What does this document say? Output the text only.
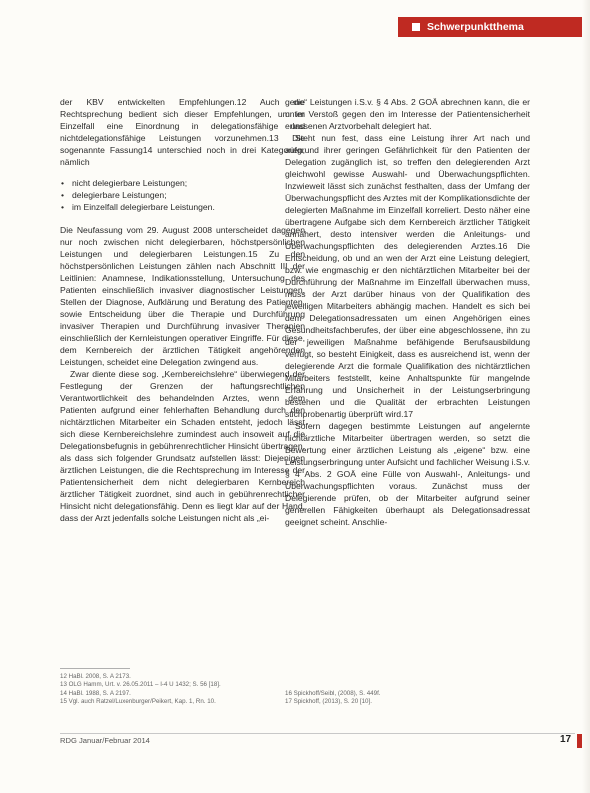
Schwerpunktthema

der KBV entwickelten Empfehlungen.12 Auch die Rechtsprechung bedient sich dieser Empfehlungen, um im Einzelfall eine Einordnung in delegationsfähige und nichtdelegationsfähige Leistungen vorzunehmen.13 Die sogenannte Fassung14 unterschied noch in drei Kategorien, nämlich

• nicht delegierbare Leistungen;
• delegierbare Leistungen;
• im Einzelfall delegierbare Leistungen.

Die Neufassung vom 29. August 2008 unterscheidet dagegen nur noch zwischen nicht delegierbaren, höchstpersönlichen Leistungen und delegierbaren Leistungen.15 Zu den höchstpersönlichen Leistungen zählen nach Abschnitt III der Leitlinien: Anamnese, Indikationsstellung, Untersuchung des Patienten einschließlich invasiver diagnostischer Leistungen, Stellen der Diagnose, Aufklärung und Beratung des Patienten, sowie Entscheidung über die Therapie und Durchführung invasiver Therapien und Durchführung invasiver Therapien einschließlich der Kernleistungen operativer Eingriffe. Für diese, dem Kernbereich der ärztlichen Tätigkeit angehörenden Leistungen, scheidet eine Delegation zwingend aus.

Zwar diente diese sog. „Kernbereichslehre“ überwiegend der Festlegung der Grenzen der haftungsrechtlichen Verantwortlichkeit des behandelnden Arztes, wenn dem Patienten aufgrund einer fehlerhaften Behandlung durch den nichtärztlichen Mitarbeiter ein Schaden entsteht, jedoch lässt sich diese Kernbereichslehre zumindest auch insoweit auf die Delegationsbefugnis in gebührenrechtlicher Hinsicht übertragen, als dass sich folgender Grundsatz aufstellen lässt: Diejenigen ärztlichen Leistungen, die die Rechtsprechung im Interesse der Patientensicherheit dem nicht delegierbaren Kernbereich ärztlicher Tätigkeit zuordnet, sind auch in gebührenrechtlicher Hinsicht nicht delegationsfähig. Denn es liegt klar auf der Hand, dass der Arzt jedenfalls solche Leistungen nicht als „ei-

gene“ Leistungen i.S.v. § 4 Abs. 2 GOÄ abrechnen kann, die er unter Verstoß gegen den im Interesse der Patientensicherheit erlassenen Arztvorbehalt delegiert hat.

Steht nun fest, dass eine Leistung ihrer Art nach und aufgrund ihrer geringen Gefährlichkeit für den Patienten der Delegation zugänglich ist, so treffen den delegierenden Arzt gleichwohl gewisse Auswahl- und Überwachungspflichten. Inzwieweit lässt sich zunächst festhalten, dass der Umfang der Überwachungspflicht des Arztes mit der Komplikationsdichte der delegierten Maßnahme im Einzelfall korreliert. Desto näher eine übertragene Aufgabe sich dem Kernbereich ärztlicher Tätigkeit annähert, desto intensiver werden die Anleitungs- und Überwachungspflichten des delegierenden Arztes.16 Die Entscheidung, ob und an wen der Arzt eine Leistung delegiert, bzw. wie engmaschig er den nichtärztlichen Mitarbeiter bei der Durchführung der Maßnahme im Einzelfall überwachen muss, muss der Arzt darüber hinaus von der Qualifikation des jeweiligen Mitarbeiters abhängig machen. Handelt es sich bei dem Delegationsadressaten um einen Angehörigen eines Gesundheitsfachberufes, der über eine abgeschlossene, ihn zu der jeweiligen Maßnahme befähigende Berufsausbildung verfügt, so besteht Einigkeit, dass es ausreichend ist, wenn der delegierende Arzt die formale Qualifikation des nichtärztlichen Mitarbeiters feststellt, keine Anhaltspunkte für mangelnde Erfahrung und Unsicherheit in der Leistungserbringung bestehen und die Qualität der erbrachten Leistungen stichprobenartig überprüft wird.17

Sofern dagegen bestimmte Leistungen auf angelernte nichtärztliche Mitarbeiter übertragen werden, so setzt die Bewertung einer ärztlichen Leistung als „eigene“ bzw. eine Leistungserbringung unter Aufsicht und fachlicher Weisung i.S.v. § 4 Abs. 2 GOÄ eine Fülle von Auswahl-, Anleitungs- und Überwachungspflichten voraus. Zunächst muss der Delegierende prüfen, ob der Mitarbeiter aufgrund seiner generellen Fähigkeiten überhaupt als Delegationsadressat geeignet scheint. Anschlie-

12 HaBl. 2008, S. A 2173.
13 OLG Hamm, Urt. v. 26.05.2011 – I-4 U 1432; S. 56 [18].
14 HaBl. 1988, S. A 2197.
15 Vgl. auch Ratzel/Luxenburger/Peikert, Kap. 1, Rn. 10.
16 Spickhoff/Seibl, (2008), S. 449f.
17 Spickhoff, (2013), S. 20 [10].
RDG Januar/Februar 2014	17
